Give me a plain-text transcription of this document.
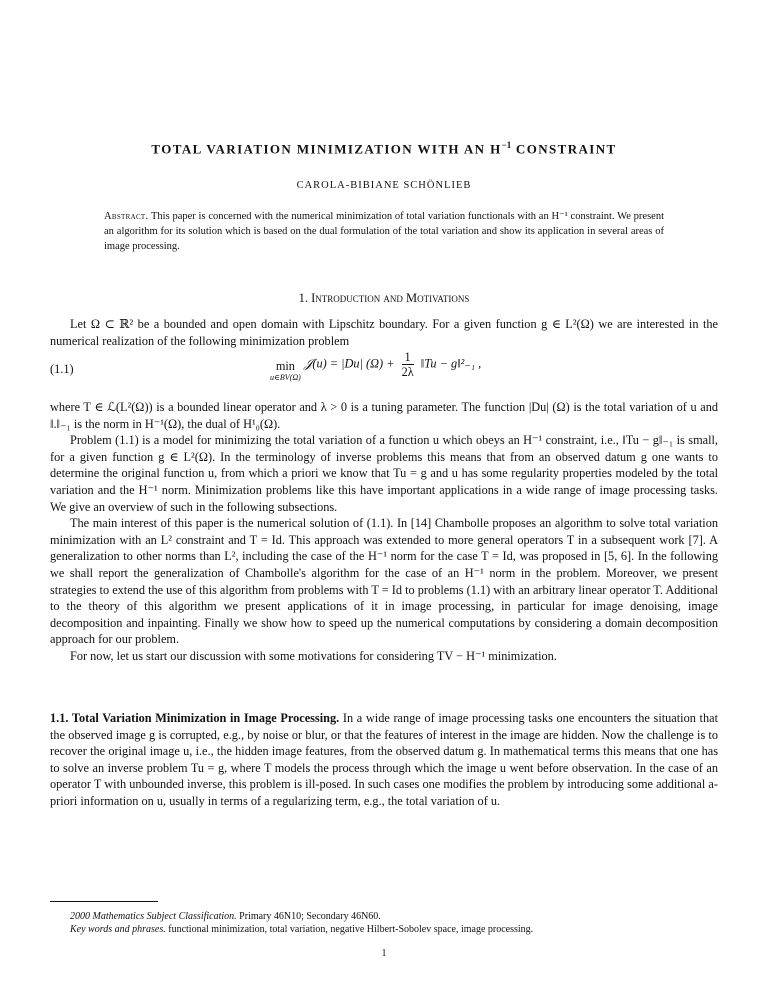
TOTAL VARIATION MINIMIZATION WITH AN $H^{-1}$ CONSTRAINT
CAROLA-BIBIANE SCHÖNLIEB
Abstract. This paper is concerned with the numerical minimization of total variation functionals with an H⁻¹ constraint. We present an algorithm for its solution which is based on the dual formulation of the total variation and show its application in several areas of image processing.
1. Introduction and Motivations

Let Ω ⊂ ℝ² be a bounded and open domain with Lipschitz boundary. For a given function g ∈ L²(Ω) we are interested in the numerical realization of the following minimization problem

(1.1)	min
u∈BV(Ω)
𝒥(u) = |Du| $(\Omega) + \frac{1}{2\lambda}$ ‖Tu − g‖²₋₁ ,

where T ∈ ℒ(L²(Ω)) is a bounded linear operator and λ > 0 is a tuning parameter. The function |Du| (Ω) is the total variation of u and ‖.‖₋₁ is the norm in H⁻¹(Ω), the dual of H¹₀(Ω).

Problem (1.1) is a model for minimizing the total variation of a function u which obeys an H⁻¹ constraint, i.e., ‖Tu − g‖₋₁ is small, for a given function g ∈ L²(Ω). In the terminology of inverse problems this means that from an observed datum g one wants to determine the original function u, from which a priori we know that Tu = g and u has some regularity properties modeled by the total variation and the H⁻¹ norm. Minimization problems like this have important applications in a wide range of image processing tasks. We give an overview of such in the following subsections.

The main interest of this paper is the numerical solution of (1.1). In [14] Chambolle proposes an algorithm to solve total variation minimization with an L² constraint and T = Id. This approach was extended to more general operators T in a subsequent work [7]. A generalization to other norms than L², including the case of the H⁻¹ norm for the case T = Id, was proposed in [5, 6]. In the following we shall report the generalization of Chambolle's algorithm for the case of an H⁻¹ norm in the problem. Moreover, we present strategies to extend the use of this algorithm from problems with T = Id to problems (1.1) with an arbitrary linear operator T. Additional to the theory of this algorithm we present applications of it in image processing, in particular for image denoising, image decomposition and inpainting. Finally we show how to speed up the numerical computations by considering a domain decomposition approach for our problem.

For now, let us start our discussion with some motivations for considering TV − H⁻¹ minimization.

1.1. Total Variation Minimization in Image Processing. In a wide range of image processing tasks one encounters the situation that the observed image g is corrupted, e.g., by noise or blur, or that the features of interest in the image are hidden. Now the challenge is to recover the original image u, i.e., the hidden image features, from the observed datum g. In mathematical terms this means that one has to solve an inverse problem Tu = g, where T models the process through which the image u went before observation. In the case of an operator T with unbounded inverse, this problem is ill-posed. In such cases one modifies the problem by introducing some additional a-priori information on u, usually in terms of a regularizing term, e.g., the total variation of u.

2000 Mathematics Subject Classification. Primary 46N10; Secondary 46N60.

Key words and phrases. functional minimization, total variation, negative Hilbert-Sobolev space, image processing.

1
